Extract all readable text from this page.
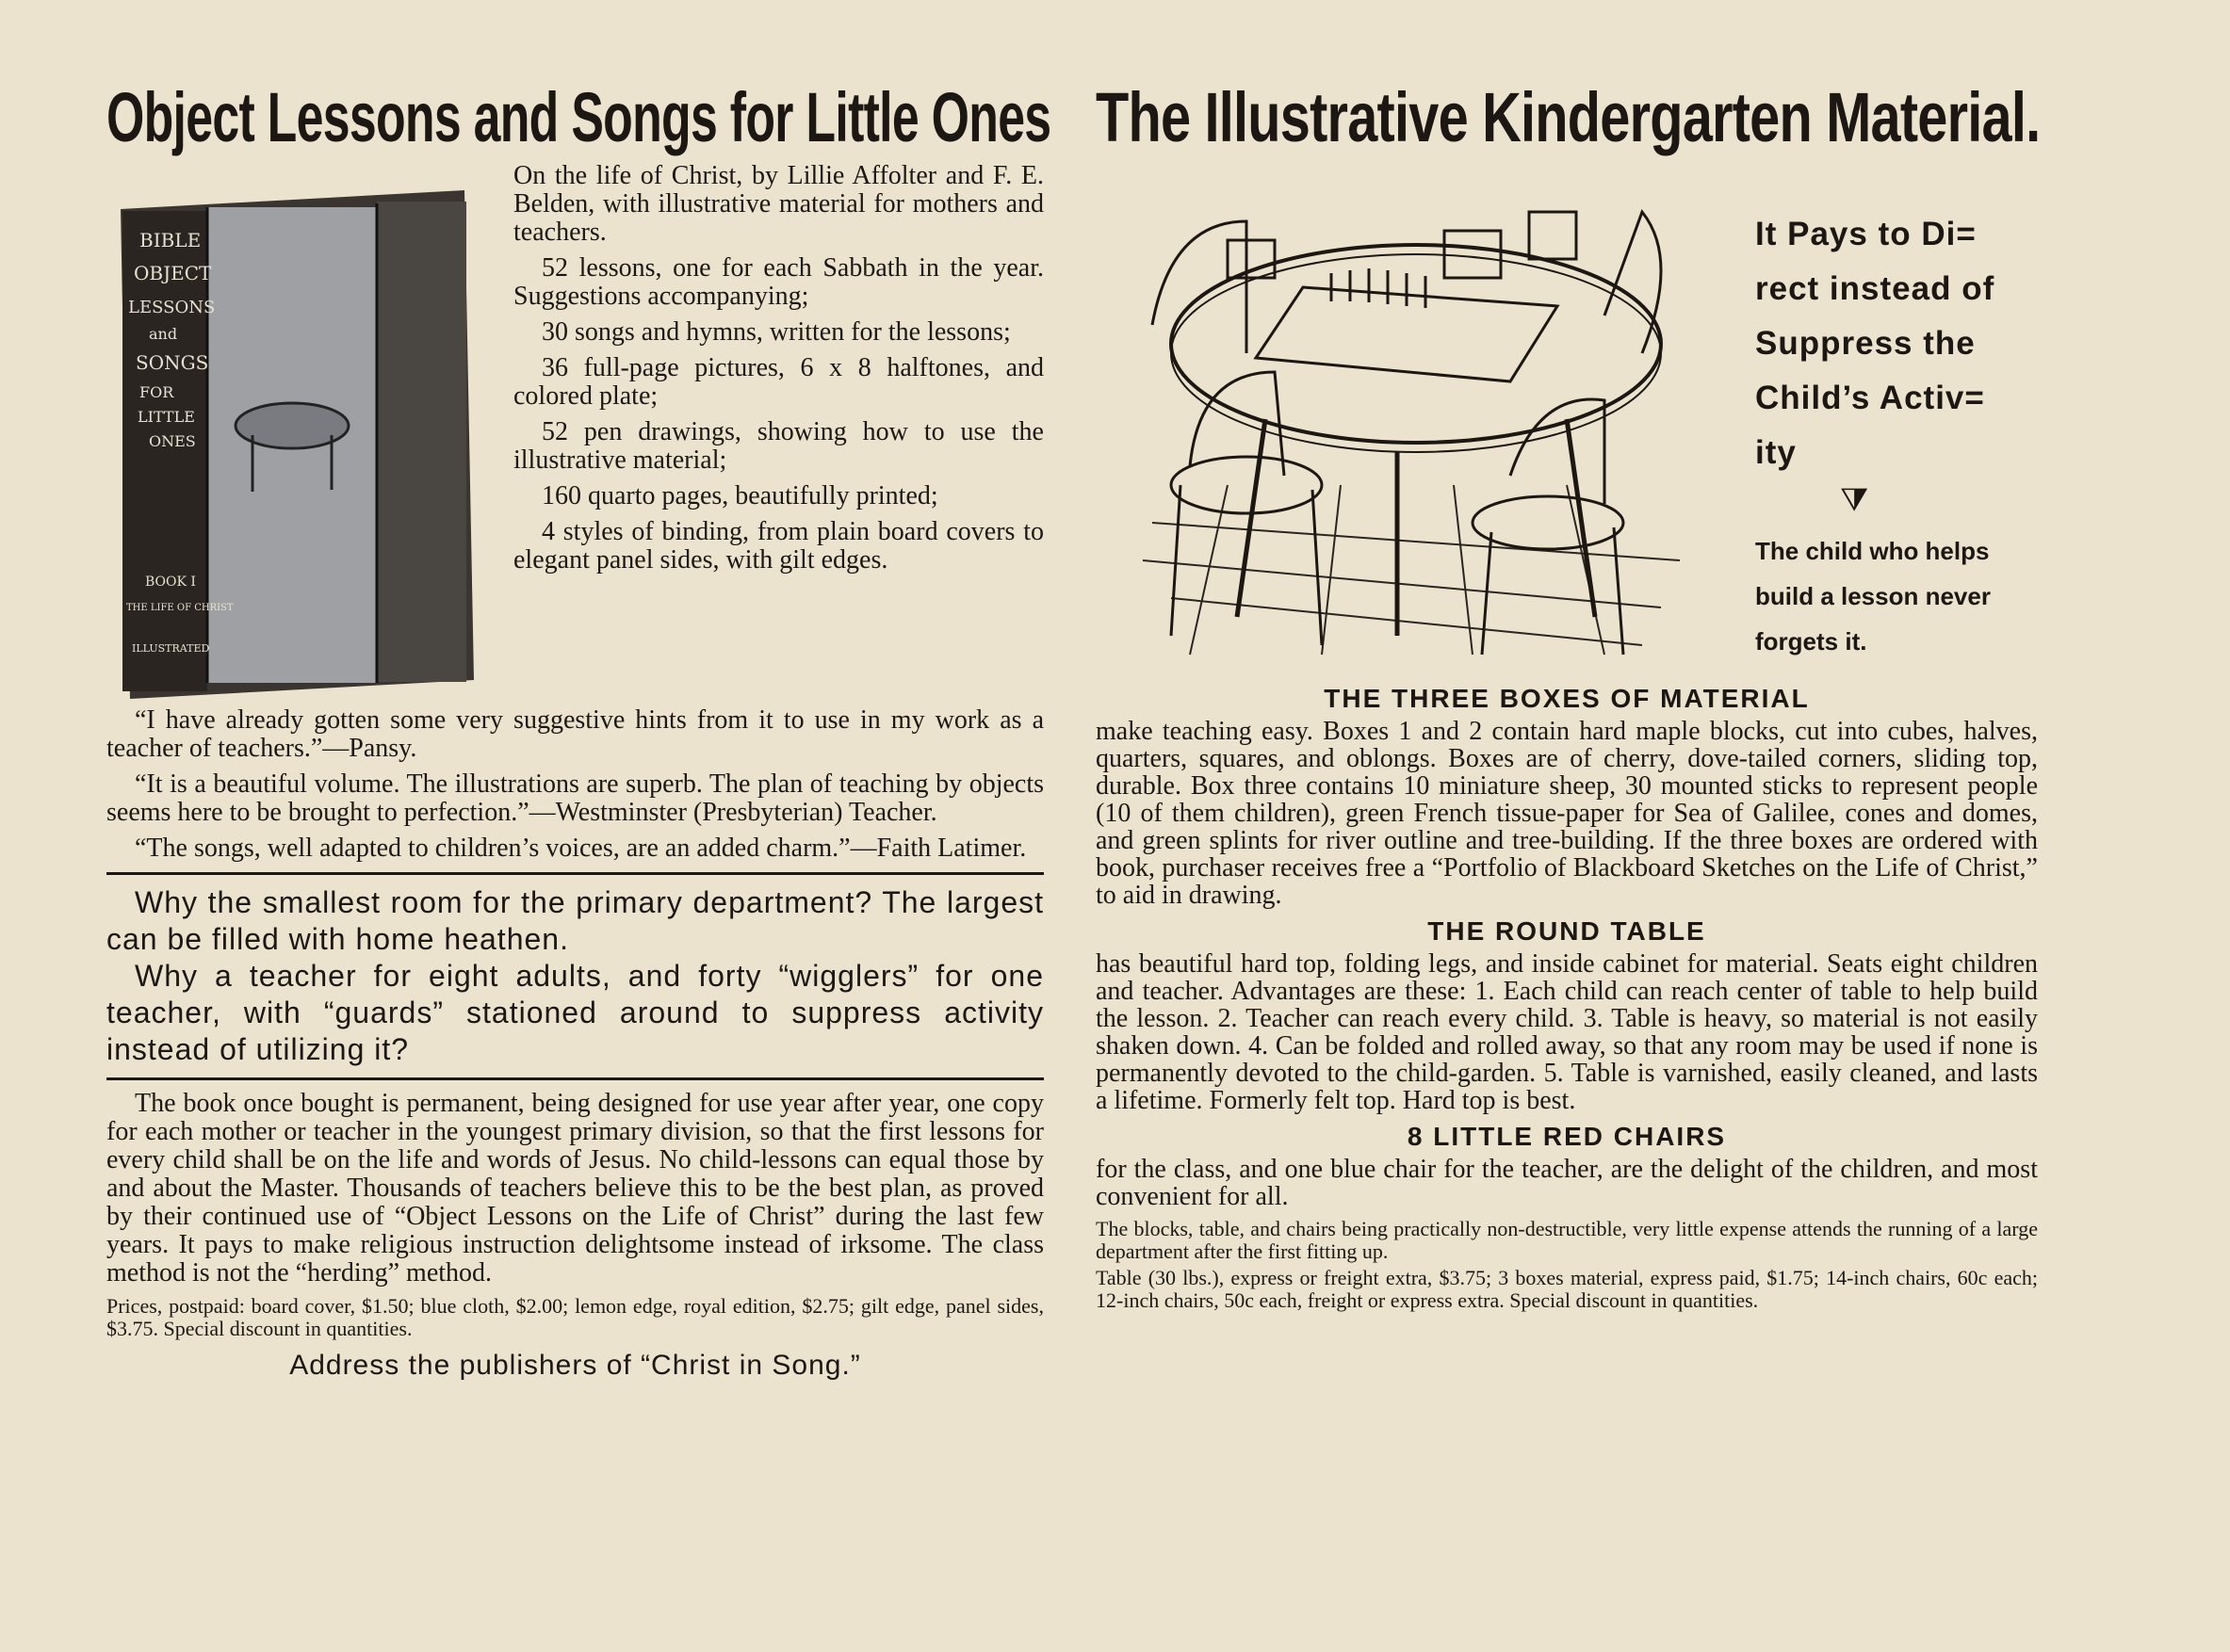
Object Lessons and Songs for Little Ones
BIBLE
OBJECT
LESSONS
and
SONGS
FOR
LITTLE
ONES
BOOK I
THE LIFE OF CHRIST
ILLUSTRATED

On the life of Christ, by Lillie Affolter and F. E. Belden, with illustrative material for mothers and teachers.

52 lessons, one for each Sabbath in the year. Suggestions accompanying;

30 songs and hymns, written for the lessons;

36 full-page pictures, 6 x 8 halftones, and colored plate;

52 pen drawings, showing how to use the illustrative material;

160 quarto pages, beautifully printed;

4 styles of binding, from plain board covers to elegant panel sides, with gilt edges.

“I have already gotten some very suggestive hints from it to use in my work as a teacher of teachers.”—Pansy.

“It is a beautiful volume. The illustrations are superb. The plan of teaching by objects seems here to be brought to perfection.”—Westminster (Presbyterian) Teacher.

“The songs, well adapted to children’s voices, are an added charm.”—Faith Latimer.

Why the smallest room for the primary department? The largest can be filled with home heathen.

Why a teacher for eight adults, and forty “wigglers” for one teacher, with “guards” stationed around to suppress activity instead of utilizing it?

The book once bought is permanent, being designed for use year after year, one copy for each mother or teacher in the youngest primary division, so that the first lessons for every child shall be on the life and words of Jesus. No child-lessons can equal those by and about the Master. Thousands of teachers believe this to be the best plan, as proved by their continued use of “Object Lessons on the Life of Christ” during the last few years. It pays to make religious instruction delightsome instead of irksome. The class method is not the “herding” method.

Prices, postpaid: board cover, $1.50; blue cloth, $2.00; lemon edge, royal edition, $2.75; gilt edge, panel sides, $3.75. Special discount in quantities.

Address the publishers of “Christ in Song.”
The Illustrative Kindergarten Material.
It Pays to Di=
rect instead of
Suppress the
Child’s Activ=
ity
⧩
The child who helps
build a lesson never
forgets it.
THE THREE BOXES OF MATERIAL

make teaching easy. Boxes 1 and 2 contain hard maple blocks, cut into cubes, halves, quarters, squares, and oblongs. Boxes are of cherry, dove-tailed corners, sliding top, durable. Box three contains 10 miniature sheep, 30 mounted sticks to represent people (10 of them children), green French tissue-paper for Sea of Galilee, cones and domes, and green splints for river outline and tree-building. If the three boxes are ordered with book, purchaser receives free a “Portfolio of Blackboard Sketches on the Life of Christ,” to aid in drawing.

THE ROUND TABLE

has beautiful hard top, folding legs, and inside cabinet for material. Seats eight children and teacher. Advantages are these: 1. Each child can reach center of table to help build the lesson. 2. Teacher can reach every child. 3. Table is heavy, so material is not easily shaken down. 4. Can be folded and rolled away, so that any room may be used if none is permanently devoted to the child-garden. 5. Table is varnished, easily cleaned, and lasts a lifetime. Formerly felt top. Hard top is best.

8 LITTLE RED CHAIRS

for the class, and one blue chair for the teacher, are the delight of the children, and most convenient for all.

The blocks, table, and chairs being practically non-destructible, very little expense attends the running of a large department after the first fitting up.

Table (30 lbs.), express or freight extra, $3.75; 3 boxes material, express paid, $1.75; 14-inch chairs, 60c each; 12-inch chairs, 50c each, freight or express extra. Special discount in quantities.
